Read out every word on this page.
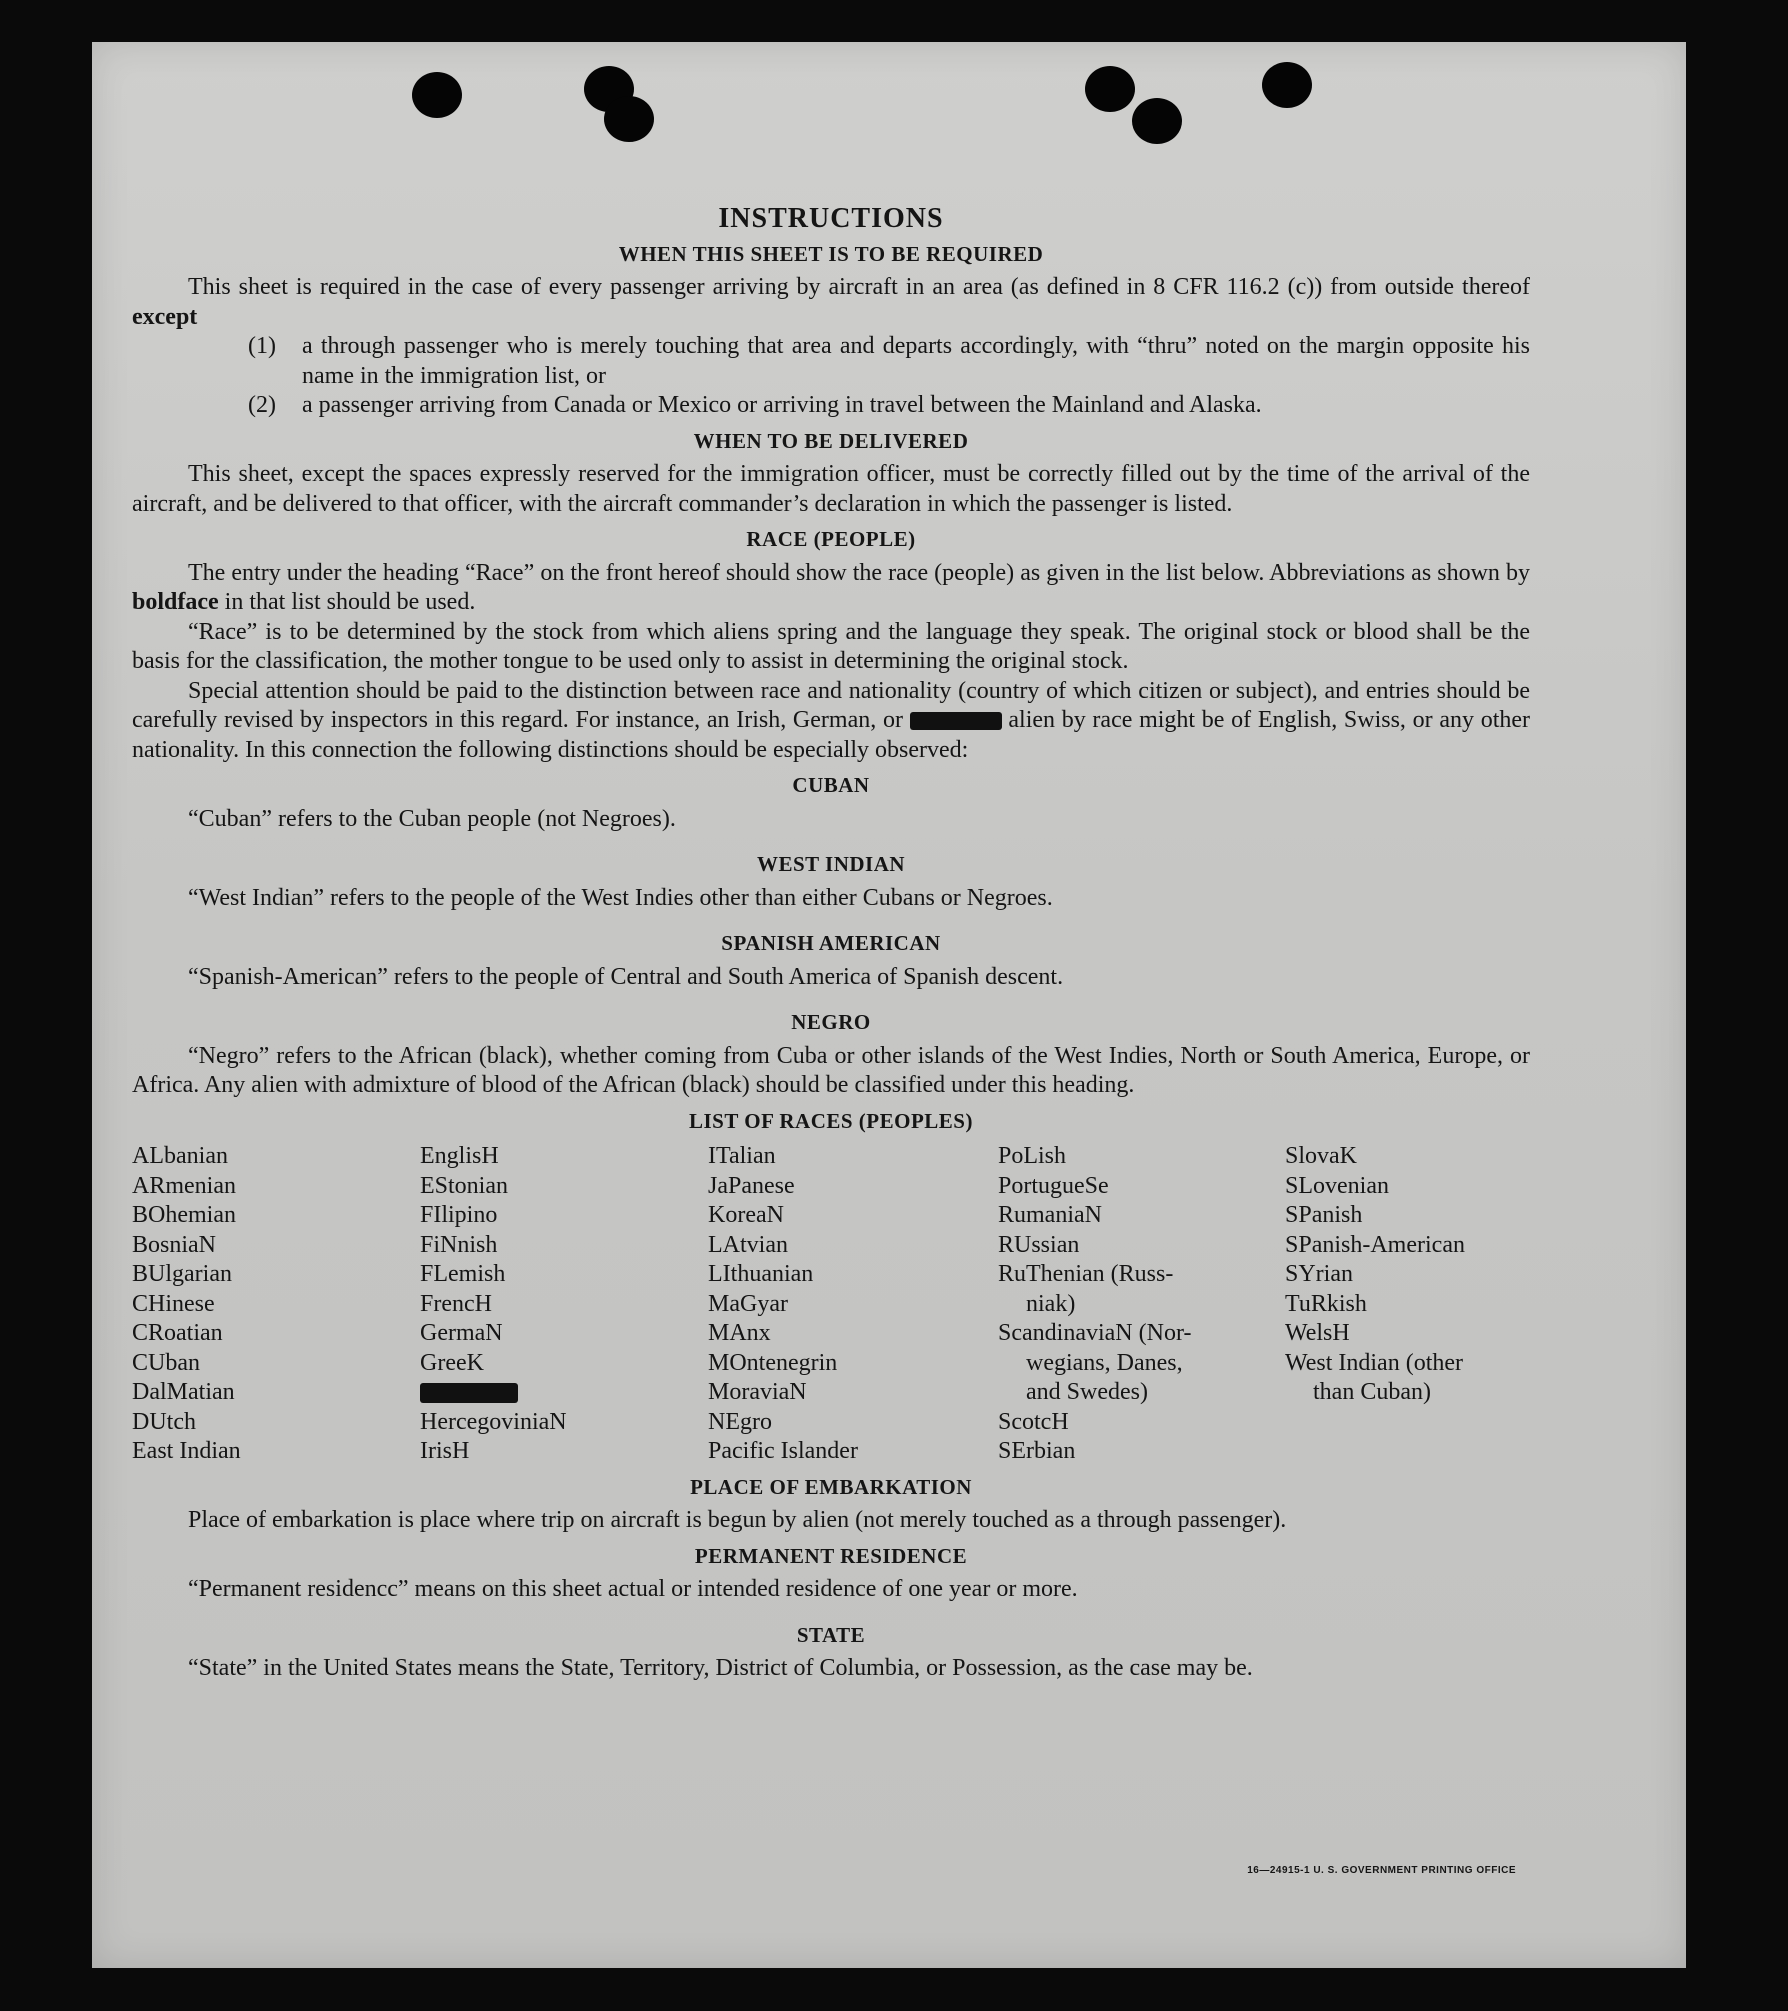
INSTRUCTIONS
WHEN THIS SHEET IS TO BE REQUIRED

This sheet is required in the case of every passenger arriving by aircraft in an area (as defined in 8 CFR 116.2 (c)) from outside thereof except

(1)	a through passenger who is merely touching that area and departs accordingly, with “thru” noted on the margin opposite his name in the immigration list, or
(2)	a passenger arriving from Canada or Mexico or arriving in travel between the Mainland and Alaska.
WHEN TO BE DELIVERED

This sheet, except the spaces expressly reserved for the immigration officer, must be correctly filled out by the time of the arrival of the aircraft, and be delivered to that officer, with the aircraft commander’s declaration in which the passenger is listed.

RACE (PEOPLE)

The entry under the heading “Race” on the front hereof should show the race (people) as given in the list below. Abbreviations as shown by boldface in that list should be used.

“Race” is to be determined by the stock from which aliens spring and the language they speak. The original stock or blood shall be the basis for the classification, the mother tongue to be used only to assist in determining the original stock.

Special attention should be paid to the distinction between race and nationality (country of which citizen or subject), and entries should be carefully revised by inspectors in this regard. For instance, an Irish, German, or	alien by race might be of English, Swiss, or any other nationality. In this connection the following distinctions should be especially observed:

CUBAN

“Cuban” refers to the Cuban people (not Negroes).

WEST INDIAN

“West Indian” refers to the people of the West Indies other than either Cubans or Negroes.

SPANISH AMERICAN

“Spanish-American” refers to the people of Central and South America of Spanish descent.

NEGRO

“Negro” refers to the African (black), whether coming from Cuba or other islands of the West Indies, North or South America, Europe, or Africa. Any alien with admixture of blood of the African (black) should be classified under this heading.

LIST OF RACES (PEOPLES)
ALbanian
ARmenian
BOhemian
BosniaN
BUlgarian
CHinese
CRoatian
CUban
DalMatian
DUtch
East Indian
EnglisH
EStonian
FIlipino
FiNnish
FLemish
FrencH
GermaN
GreeK
HercegoviniaN
IrisH
ITalian
JaPanese
KoreaN
LAtvian
LIthuanian
MaGyar
MAnx
MOntenegrin
MoraviaN
NEgro
Pacific Islander
PoLish
PortugueSe
RumaniaN
RUssian
RuThenian (Russ-
niak)
ScandinaviaN (Nor-
wegians, Danes,
and Swedes)
ScotcH
SErbian
SlovaK
SLovenian
SPanish
SPanish-American
SYrian
TuRkish
WelsH
West Indian (other
than Cuban)
PLACE OF EMBARKATION

Place of embarkation is place where trip on aircraft is begun by alien (not merely touched as a through passenger).

PERMANENT RESIDENCE

“Permanent residencc” means on this sheet actual or intended residence of one year or more.

STATE

“State” in the United States means the State, Territory, District of Columbia, or Possession, as the case may be.

16—24915-1 U. S. GOVERNMENT PRINTING OFFICE
